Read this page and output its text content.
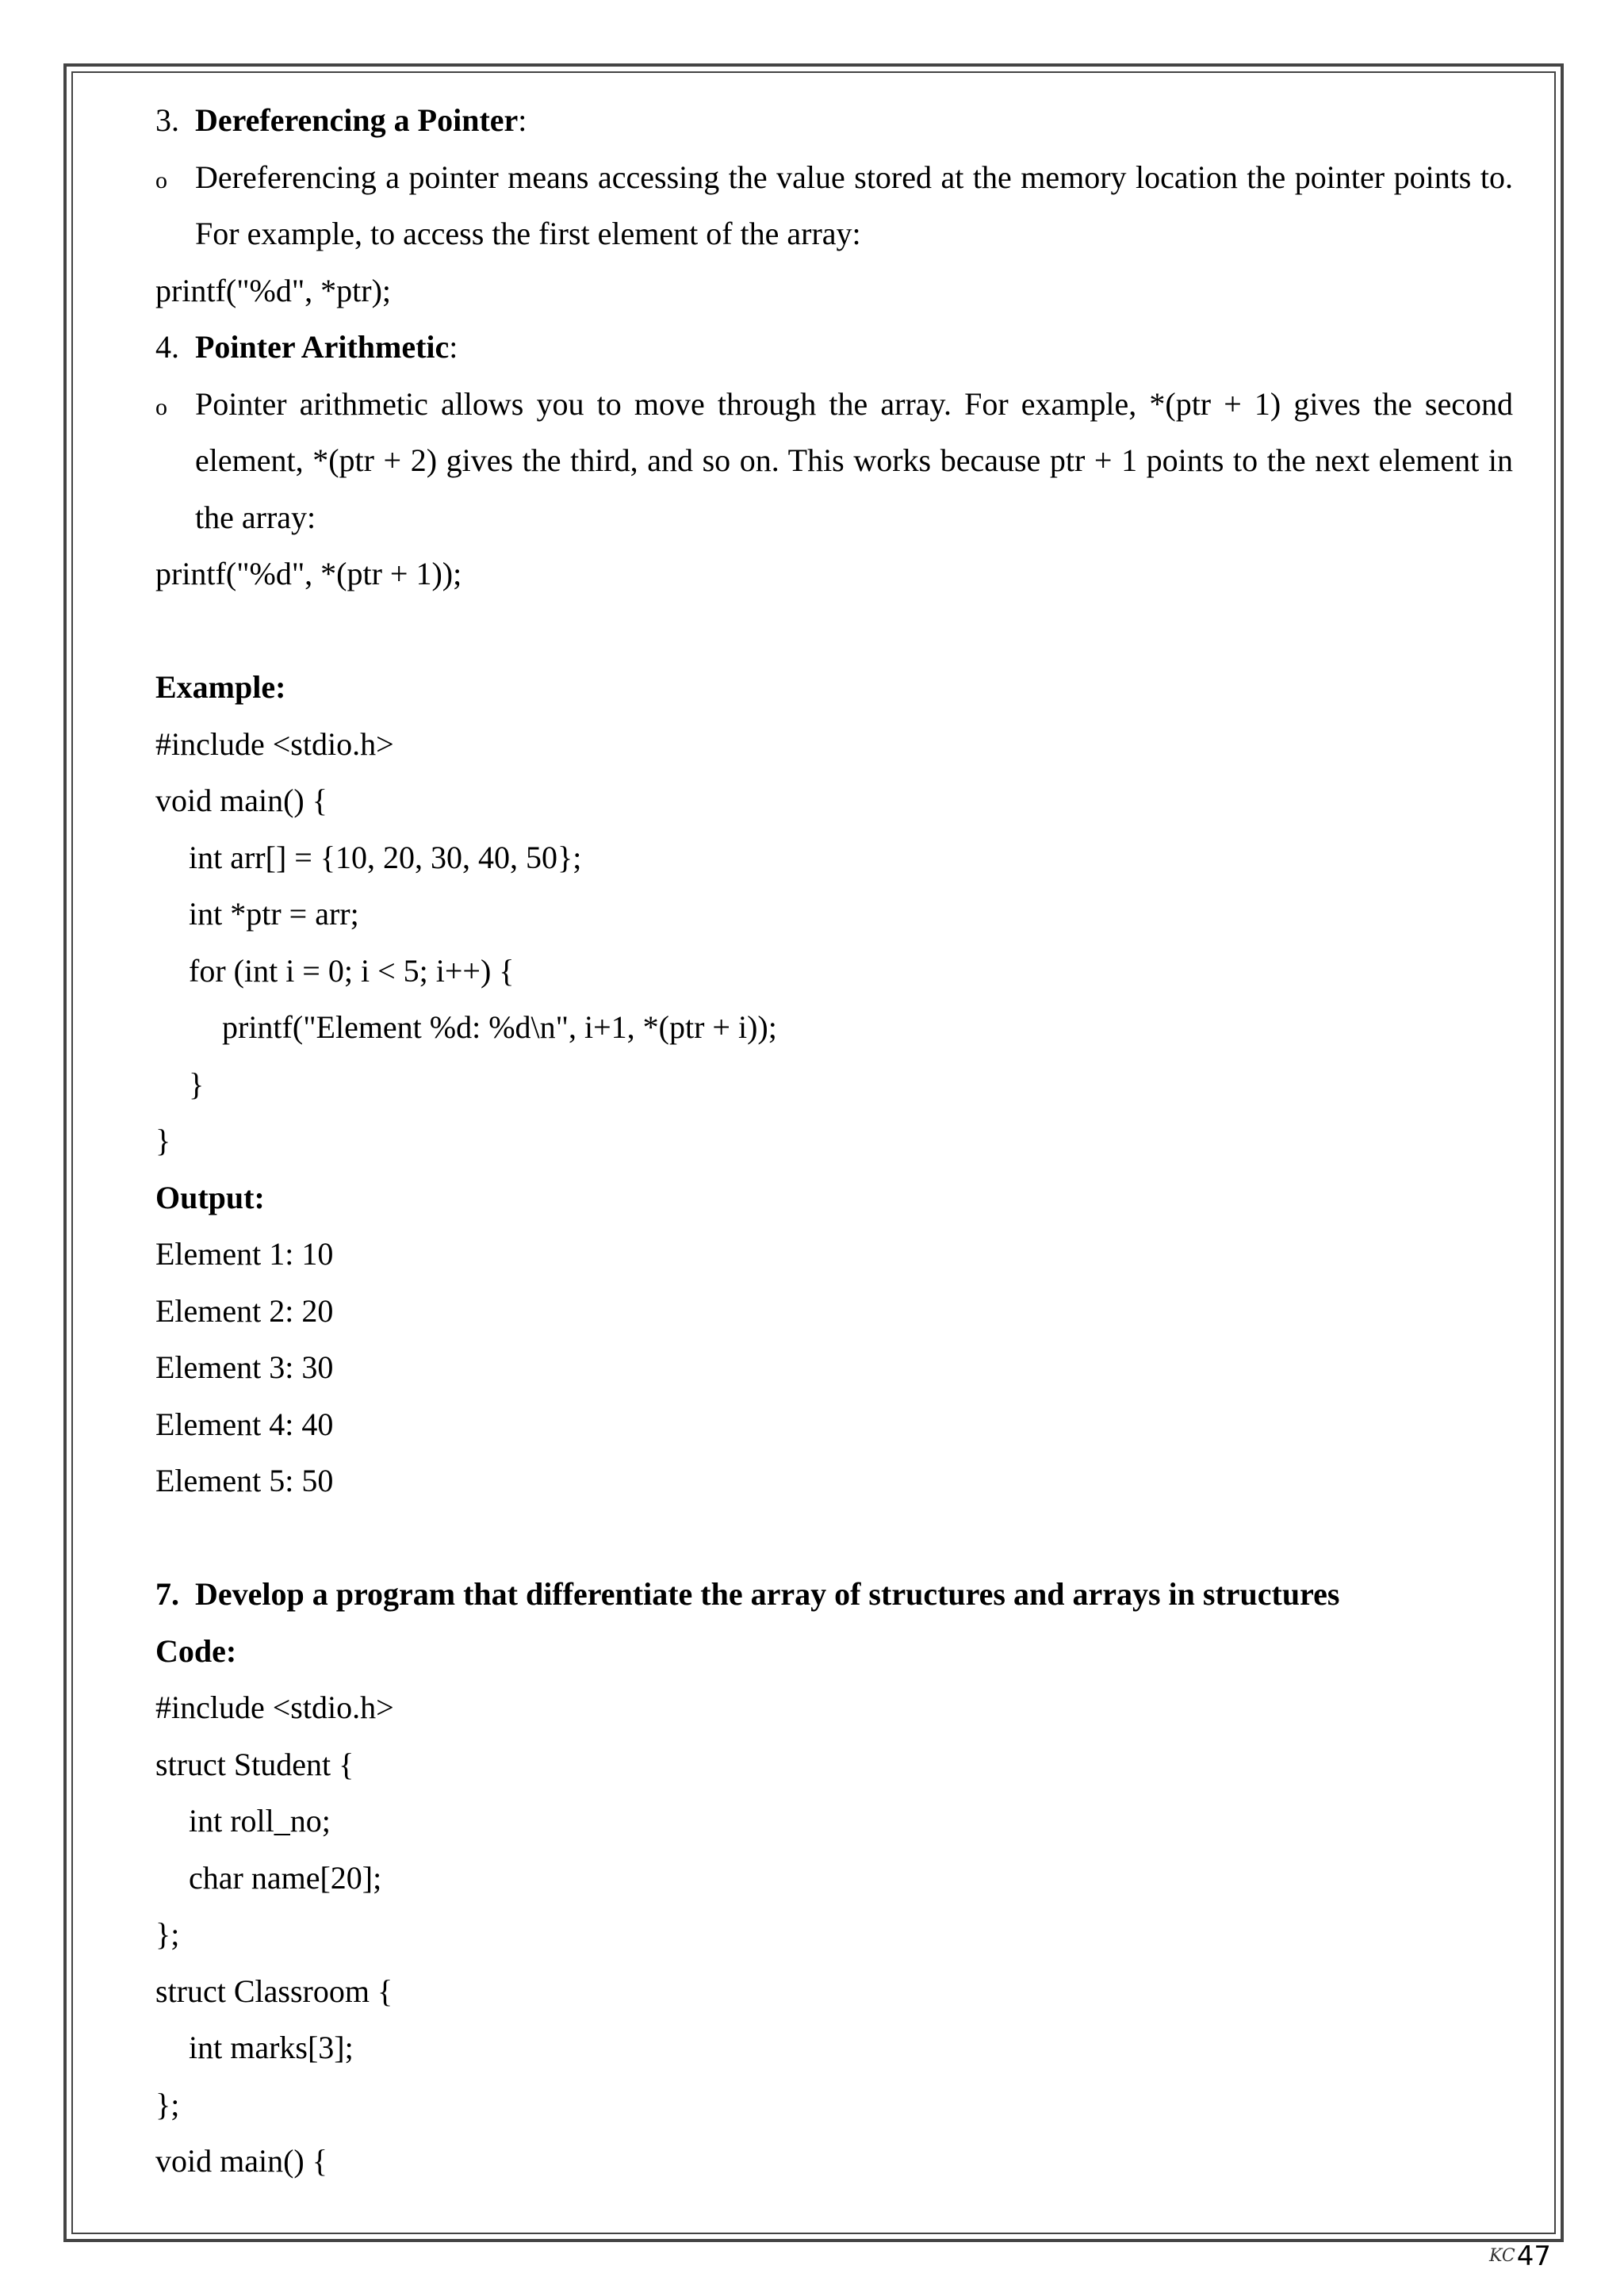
3. Dereferencing a Pointer:
o Dereferencing a pointer means accessing the value stored at the memory location the pointer points to. For example, to access the first element of the array:
printf("%d", *ptr);
4. Pointer Arithmetic:
o Pointer arithmetic allows you to move through the array. For example, *(ptr + 1) gives the second element, *(ptr + 2) gives the third, and so on. This works because ptr + 1 points to the next element in the array:
printf("%d", *(ptr + 1));
Example:
#include <stdio.h>
void main() {
int arr[] = {10, 20, 30, 40, 50};
int *ptr = arr;
for (int i = 0; i < 5; i++) {
printf("Element %d: %d\n", i+1, *(ptr + i));
}
}
Output:
Element 1: 10
Element 2: 20
Element 3: 30
Element 4: 40
Element 5: 50
7.  Develop a program that differentiate the array of structures and arrays in structures
Code:
#include <stdio.h>
struct Student {
int roll_no;
char name[20];
};
struct Classroom {
int marks[3];
};
void main() {
KC 47
